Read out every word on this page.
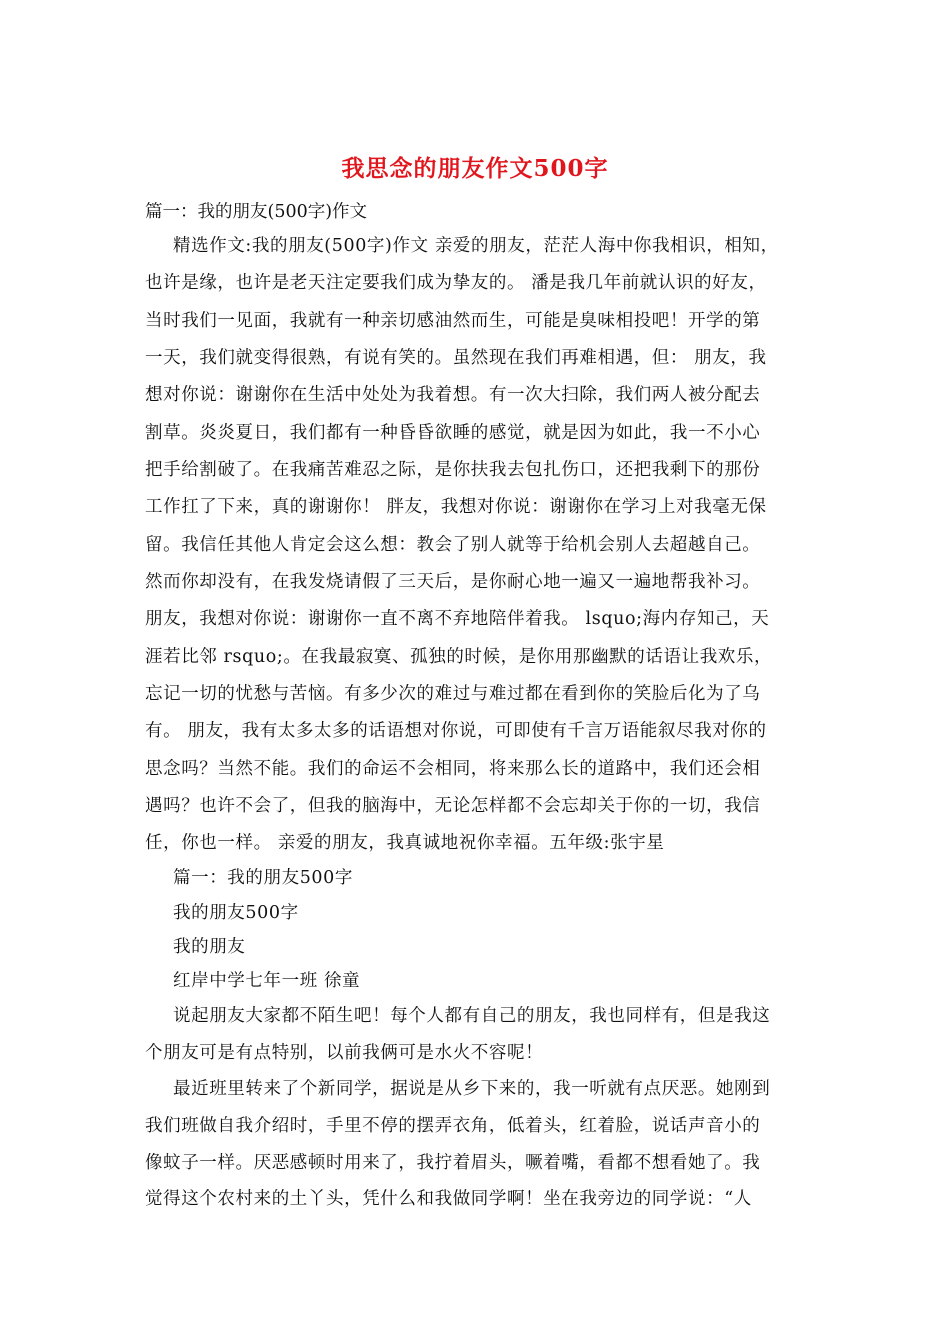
我思念的朋友作文500字
篇一：我的朋友(500字)作文
精选作文:我的朋友(500字)作文 亲爱的朋友，茫茫人海中你我相识，相知，
也许是缘，也许是老天注定要我们成为挚友的。 潘是我几年前就认识的好友，
当时我们一见面，我就有一种亲切感油然而生，可能是臭味相投吧！开学的第
一天，我们就变得很熟，有说有笑的。虽然现在我们再难相遇，但： 朋友，我
想对你说：谢谢你在生活中处处为我着想。有一次大扫除，我们两人被分配去
割草。炎炎夏日，我们都有一种昏昏欲睡的感觉，就是因为如此，我一不小心
把手给割破了。在我痛苦难忍之际，是你扶我去包扎伤口，还把我剩下的那份
工作扛了下来，真的谢谢你！ 胖友，我想对你说：谢谢你在学习上对我毫无保
留。我信任其他人肯定会这么想：教会了别人就等于给机会别人去超越自己。
然而你却没有，在我发烧请假了三天后，是你耐心地一遍又一遍地帮我补习。
朋友，我想对你说：谢谢你一直不离不弃地陪伴着我。 lsquo;海内存知己，天
涯若比邻 rsquo;。在我最寂寞、孤独的时候，是你用那幽默的话语让我欢乐，
忘记一切的忧愁与苦恼。有多少次的难过与难过都在看到你的笑脸后化为了乌
有。 朋友，我有太多太多的话语想对你说，可即使有千言万语能叙尽我对你的
思念吗？当然不能。我们的命运不会相同，将来那么长的道路中，我们还会相
遇吗？也许不会了，但我的脑海中，无论怎样都不会忘却关于你的一切，我信
任，你也一样。 亲爱的朋友，我真诚地祝你幸福。五年级:张宇星
篇一：我的朋友500字
我的朋友500字
我的朋友
红岸中学七年一班 徐童
说起朋友大家都不陌生吧！每个人都有自己的朋友，我也同样有，但是我这
个朋友可是有点特别，以前我俩可是水火不容呢！
最近班里转来了个新同学，据说是从乡下来的，我一听就有点厌恶。她刚到
我们班做自我介绍时，手里不停的摆弄衣角，低着头，红着脸，说话声音小的
像蚊子一样。厌恶感顿时用来了，我拧着眉头，噘着嘴，看都不想看她了。我
觉得这个农村来的土丫头，凭什么和我做同学啊！坐在我旁边的同学说：“人
